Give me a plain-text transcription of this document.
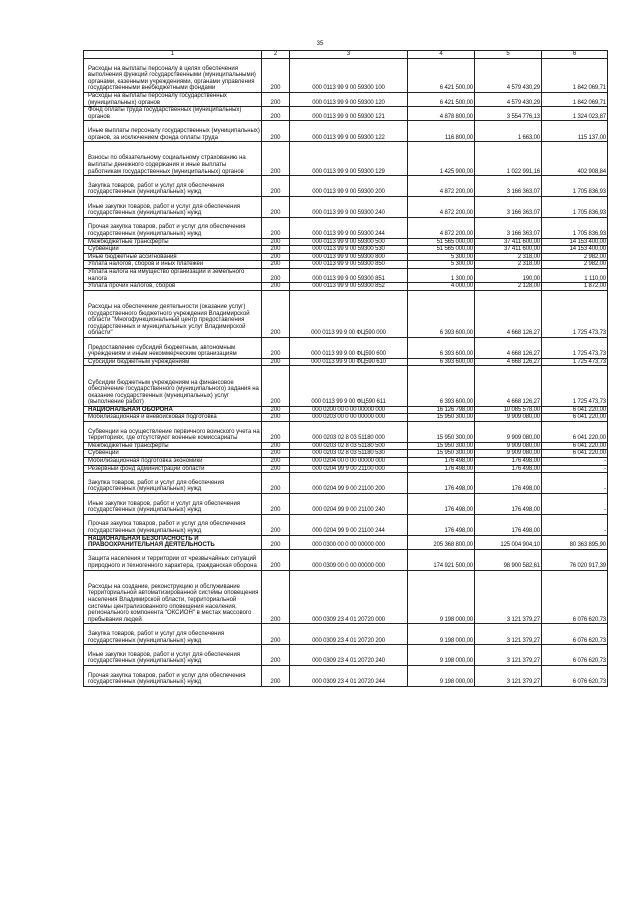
35
1	2	3	4	5	6
Расходы на выплаты персоналу в целях обеспечения выполнения функций государственными (муниципальными) органами, казенными учреждениями, органами управления государственными внебюджетными фондами	200	000 0113 99 9 00 59300 100	6 421 500,00	4 579 430,29	1 842 069,71
Расходы на выплаты персоналу государственных (муниципальных) органов	200	000 0113 99 9 00 59300 120	6 421 500,00	4 579 430,29	1 842 069,71
Фонд оплаты труда государственных (муниципальных) органов	200	000 0113 99 9 00 59300 121	4 878 800,00	3 554 776,13	1 324 023,87
Иные выплаты персоналу государственных (муниципальных) органов, за исключением фонда оплаты труда	200	000 0113 99 9 00 59300 122	116 800,00	1 663,00	115 137,00
Взносы по обязательному социальному страхованию на выплаты денежного содержания и иные выплаты работникам государственных (муниципальных) органов	200	000 0113 99 9 00 59300 129	1 425 900,00	1 022 991,16	402 908,84
Закупка товаров, работ и услуг для обеспечения государственных (муниципальных) нужд	200	000 0113 99 9 00 59300 200	4 872 200,00	3 166 363,07	1 705 836,93
Иные закупки товаров, работ и услуг для обеспечения государственных (муниципальных) нужд	200	000 0113 99 9 00 59300 240	4 872 200,00	3 166 363,07	1 705 836,93
Прочая закупка товаров, работ и услуг для обеспечения государственных (муниципальных) нужд	200	000 0113 99 9 00 59300 244	4 872 200,00	3 166 363,07	1 705 836,93
Межбюджетные трансферты	200	000 0113 99 9 00 59300 500	51 565 000,00	37 411 600,00	14 153 400,00
Субвенции	200	000 0113 99 9 00 59300 530	51 565 000,00	37 411 600,00	14 153 400,00
Иные бюджетные ассигнования	200	000 0113 99 9 00 59300 800	5 300,00	2 318,00	2 982,00
Уплата налогов, сборов и иных платежей	200	000 0113 99 9 00 59300 850	5 300,00	2 318,00	2 982,00
Уплата налога на имущество организаций и земельного налога	200	000 0113 99 9 00 59300 851	1 300,00	190,00	1 110,00
Уплата прочих налогов, сборов	200	000 0113 99 9 00 59300 852	4 000,00	2 128,00	1 872,00
Расходы на обеспечение деятельности (оказание услуг) государственного бюджетного учреждения Владимирской области "Многофункциональный центр предоставления государственных и муниципальных услуг Владимирской области"	200	000 0113 99 9 00 ФЦ590 000	6 393 600,00	4 668 126,27	1 725 473,73
Предоставление субсидий бюджетным, автономным учреждениям и иным некоммерческим организациям	200	000 0113 99 9 00 ФЦ590 600	6 393 600,00	4 668 126,27	1 725 473,73
Субсидии бюджетным учреждениям	200	000 0113 99 9 00 ФЦ590 610	6 393 600,00	4 668 126,27	1 725 473,73
Субсидии бюджетным учреждениям на финансовое обеспечение государственного (муниципального) задания на оказание государственных (муниципальных) услуг (выполнение работ)	200	000 0113 99 9 00 ФЦ590 611	6 393 600,00	4 668 126,27	1 725 473,73
НАЦИОНАЛЬНАЯ ОБОРОНА	200	000 0200 00 0 00 00000 000	16 126 798,00	10 085 578,00	6 041 220,00
Мобилизационная и вневойсковая подготовка	200	000 0203 00 0 00 00000 000	15 950 300,00	9 909 080,00	6 041 220,00
Субвенции на осуществление первичного воинского учета на территориях, где отсутствуют военные комиссариаты	200	000 0203 02 8 03 51180 000	15 950 300,00	9 909 080,00	6 041 220,00
Межбюджетные трансферты	200	000 0203 02 8 03 51180 500	15 950 300,00	9 909 080,00	6 041 220,00
Субвенции	200	000 0203 02 8 03 51180 530	15 950 300,00	9 909 080,00	6 041 220,00
Мобилизационная подготовка экономики	200	000 0204 00 0 00 00000 000	176 498,00	176 498,00	-
Резервный фонд администрации области	200	000 0204 99 9 00 21100 000	176 498,00	176 498,00	-
Закупка товаров, работ и услуг для обеспечения государственных (муниципальных) нужд	200	000 0204 99 9 00 21100 200	176 498,00	176 498,00	-
Иные закупки товаров, работ и услуг для обеспечения государственных (муниципальных) нужд	200	000 0204 99 9 00 21100 240	176 498,00	176 498,00	-
Прочая закупка товаров, работ и услуг для обеспечения государственных (муниципальных) нужд	200	000 0204 99 9 00 21100 244	176 498,00	176 498,00	-
НАЦИОНАЛЬНАЯ БЕЗОПАСНОСТЬ И ПРАВООХРАНИТЕЛЬНАЯ ДЕЯТЕЛЬНОСТЬ	200	000 0300 00 0 00 00000 000	205 368 800,00	125 004 904,10	80 363 895,90
Защита населения и территории от чрезвычайных ситуаций природного и техногенного характера, гражданская оборона	200	000 0309 00 0 00 00000 000	174 921 500,00	98 900 582,61	76 020 917,39
Расходы на создание, реконструкцию и обслуживание территориальной автоматизированной системы оповещения населения Владимирской области, территориальной системы централизованного оповещения населения, регионального компонента "ОКСИОН" в местах массового пребывания людей	200	000 0309 23 4 01 20720 000	9 198 000,00	3 121 379,27	6 076 620,73
Закупка товаров, работ и услуг для обеспечения государственных (муниципальных) нужд	200	000 0309 23 4 01 20720 200	9 198 000,00	3 121 379,27	6 076 620,73
Иные закупки товаров, работ и услуг для обеспечения государственных (муниципальных) нужд	200	000 0309 23 4 01 20720 240	9 198 000,00	3 121 379,27	6 076 620,73
Прочая закупка товаров, работ и услуг для обеспечения государственных (муниципальных) нужд	200	000 0309 23 4 01 20720 244	9 198 000,00	3 121 379,27	6 076 620,73
